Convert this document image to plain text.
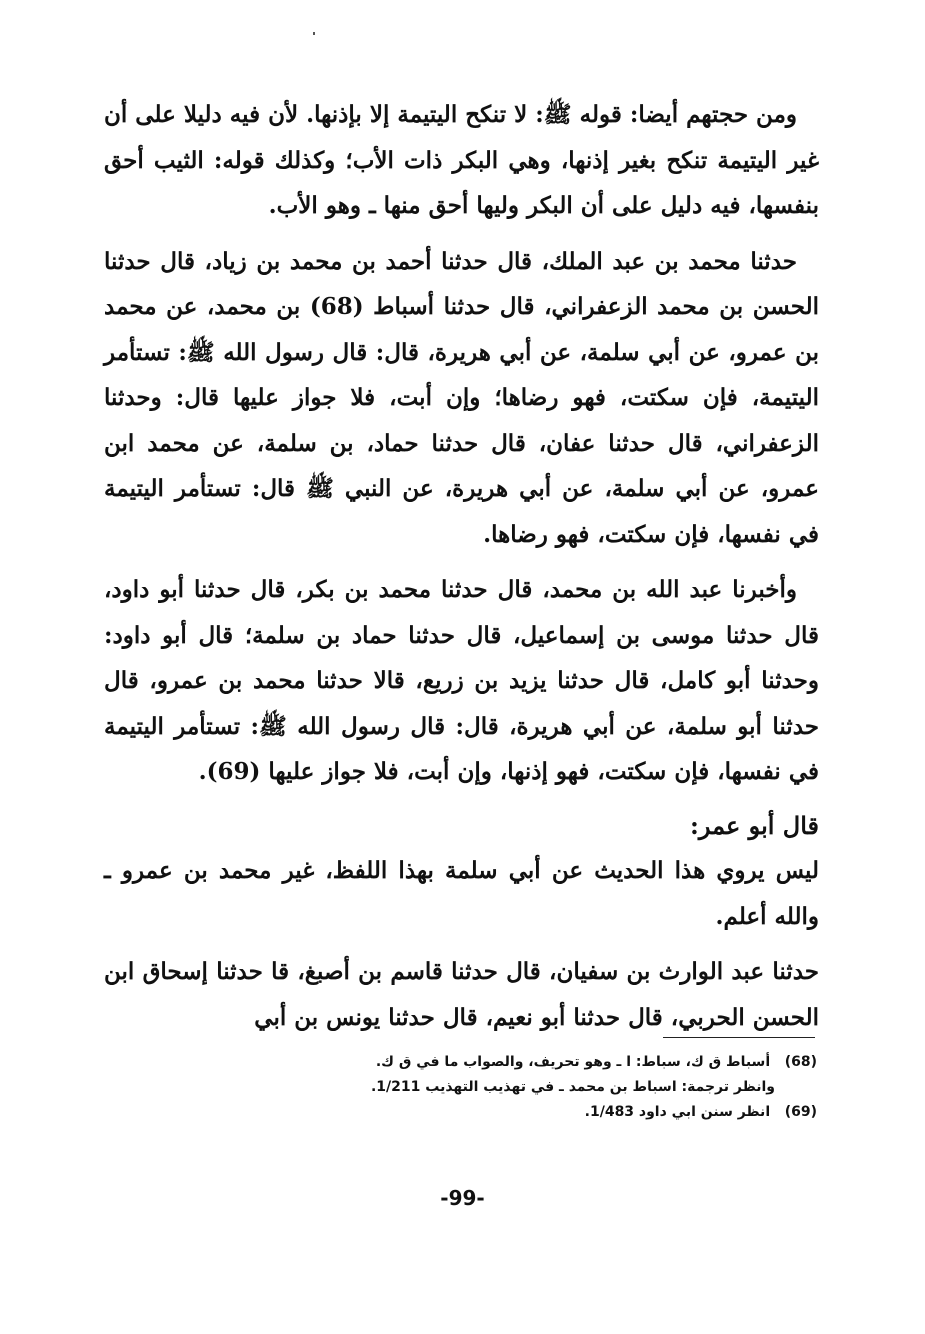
ومن حجتهم أيضا: قوله ﷺ: لا تنكح اليتيمة إلا بإذنها. لأن فيه دليلا على أن غير اليتيمة تنكح بغير إذنها، وهي البكر ذات الأب؛ وكذلك قوله: الثيب أحق بنفسها، فيه دليل على أن البكر وليها أحق منها ـ وهو الأب.

حدثنا محمد بن عبد الملك، قال حدثنا أحمد بن محمد بن زياد، قال حدثنا الحسن بن محمد الزعفراني، قال حدثنا أسباط (68) بن محمد، عن محمد بن عمرو، عن أبي سلمة، عن أبي هريرة، قال: قال رسول الله ﷺ: تستأمر اليتيمة، فإن سكتت، فهو رضاها؛ وإن أبت، فلا جواز عليها قال: وحدثنا الزعفراني، قال حدثنا عفان، قال حدثنا حماد، بن سلمة، عن محمد ابن عمرو، عن أبي سلمة، عن أبي هريرة، عن النبي ﷺ قال: تستأمر اليتيمة في نفسها، فإن سكتت، فهو رضاها.

وأخبرنا عبد الله بن محمد، قال حدثنا محمد بن بكر، قال حدثنا أبو داود، قال حدثنا موسى بن إسماعيل، قال حدثنا حماد بن سلمة؛ قال أبو داود: وحدثنا أبو كامل، قال حدثنا يزيد بن زريع، قالا حدثنا محمد بن عمرو، قال حدثنا أبو سلمة، عن أبي هريرة، قال: قال رسول الله ﷺ: تستأمر اليتيمة في نفسها، فإن سكتت، فهو إذنها، وإن أبت، فلا جواز عليها (69).

قال أبو عمر:

ليس يروي هذا الحديث عن أبي سلمة بهذا اللفظ، غير محمد بن عمرو ـ والله أعلم.

حدثنا عبد الوارث بن سفيان، قال حدثنا قاسم بن أصبغ، قا حدثنا إسحاق ابن الحسن الحربي، قال حدثنا أبو نعيم، قال حدثنا يونس بن أبي

(68) أسباط ق ك، سباط: ا ـ وهو تحريف، والصواب ما في ق ك.

وانظر ترجمة: اسباط بن محمد ـ في تهذيب التهذيب 1/211.

(69) انظر سنن ابي داود 1/483.

-99-
